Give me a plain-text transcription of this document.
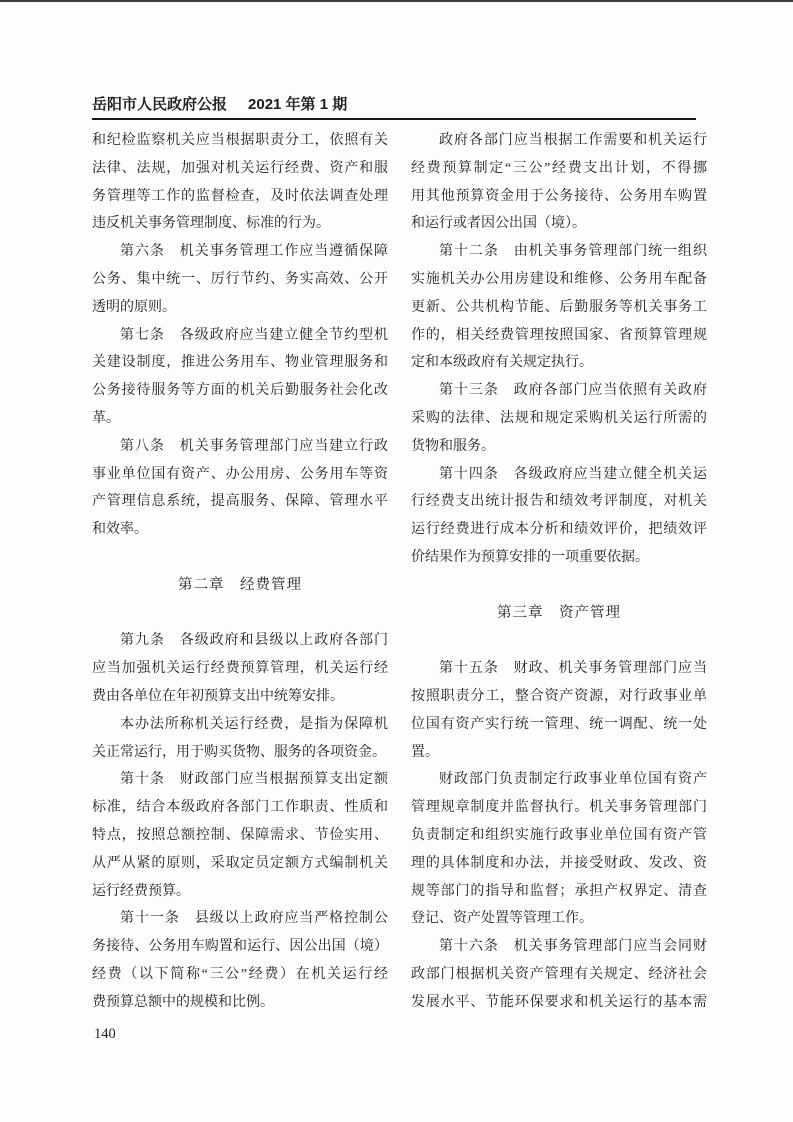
岳阳市人民政府公报 2021 年第 1 期
和纪检监察机关应当根据职责分工，依照有关
法律、法规，加强对机关运行经费、资产和服
务管理等工作的监督检查，及时依法调查处理
违反机关事务管理制度、标准的行为。
第六条　机关事务管理工作应当遵循保障
公务、集中统一、厉行节约、务实高效、公开
透明的原则。
第七条　各级政府应当建立健全节约型机
关建设制度，推进公务用车、物业管理服务和
公务接待服务等方面的机关后勤服务社会化改
革。
第八条　机关事务管理部门应当建立行政
事业单位国有资产、办公用房、公务用车等资
产管理信息系统，提高服务、保障、管理水平
和效率。
第二章　经费管理
第九条　各级政府和县级以上政府各部门
应当加强机关运行经费预算管理，机关运行经
费由各单位在年初预算支出中统筹安排。
本办法所称机关运行经费，是指为保障机
关正常运行，用于购买货物、服务的各项资金。
第十条　财政部门应当根据预算支出定额
标准，结合本级政府各部门工作职责、性质和
特点，按照总额控制、保障需求、节俭实用、
从严从紧的原则，采取定员定额方式编制机关
运行经费预算。
第十一条　县级以上政府应当严格控制公
务接待、公务用车购置和运行、因公出国（境）
经费（以下简称“三公”经费）在机关运行经
费预算总额中的规模和比例。
政府各部门应当根据工作需要和机关运行
经费预算制定“三公”经费支出计划，不得挪
用其他预算资金用于公务接待、公务用车购置
和运行或者因公出国（境）。
第十二条　由机关事务管理部门统一组织
实施机关办公用房建设和维修、公务用车配备
更新、公共机构节能、后勤服务等机关事务工
作的，相关经费管理按照国家、省预算管理规
定和本级政府有关规定执行。
第十三条　政府各部门应当依照有关政府
采购的法律、法规和规定采购机关运行所需的
货物和服务。
第十四条　各级政府应当建立健全机关运
行经费支出统计报告和绩效考评制度，对机关
运行经费进行成本分析和绩效评价，把绩效评
价结果作为预算安排的一项重要依据。
第三章　资产管理
第十五条　财政、机关事务管理部门应当
按照职责分工，整合资产资源，对行政事业单
位国有资产实行统一管理、统一调配、统一处
置。
财政部门负责制定行政事业单位国有资产
管理规章制度并监督执行。机关事务管理部门
负责制定和组织实施行政事业单位国有资产管
理的具体制度和办法，并接受财政、发改、资
规等部门的指导和监督；承担产权界定、清查
登记、资产处置等管理工作。
第十六条　机关事务管理部门应当会同财
政部门根据机关资产管理有关规定、经济社会
发展水平、节能环保要求和机关运行的基本需
140
